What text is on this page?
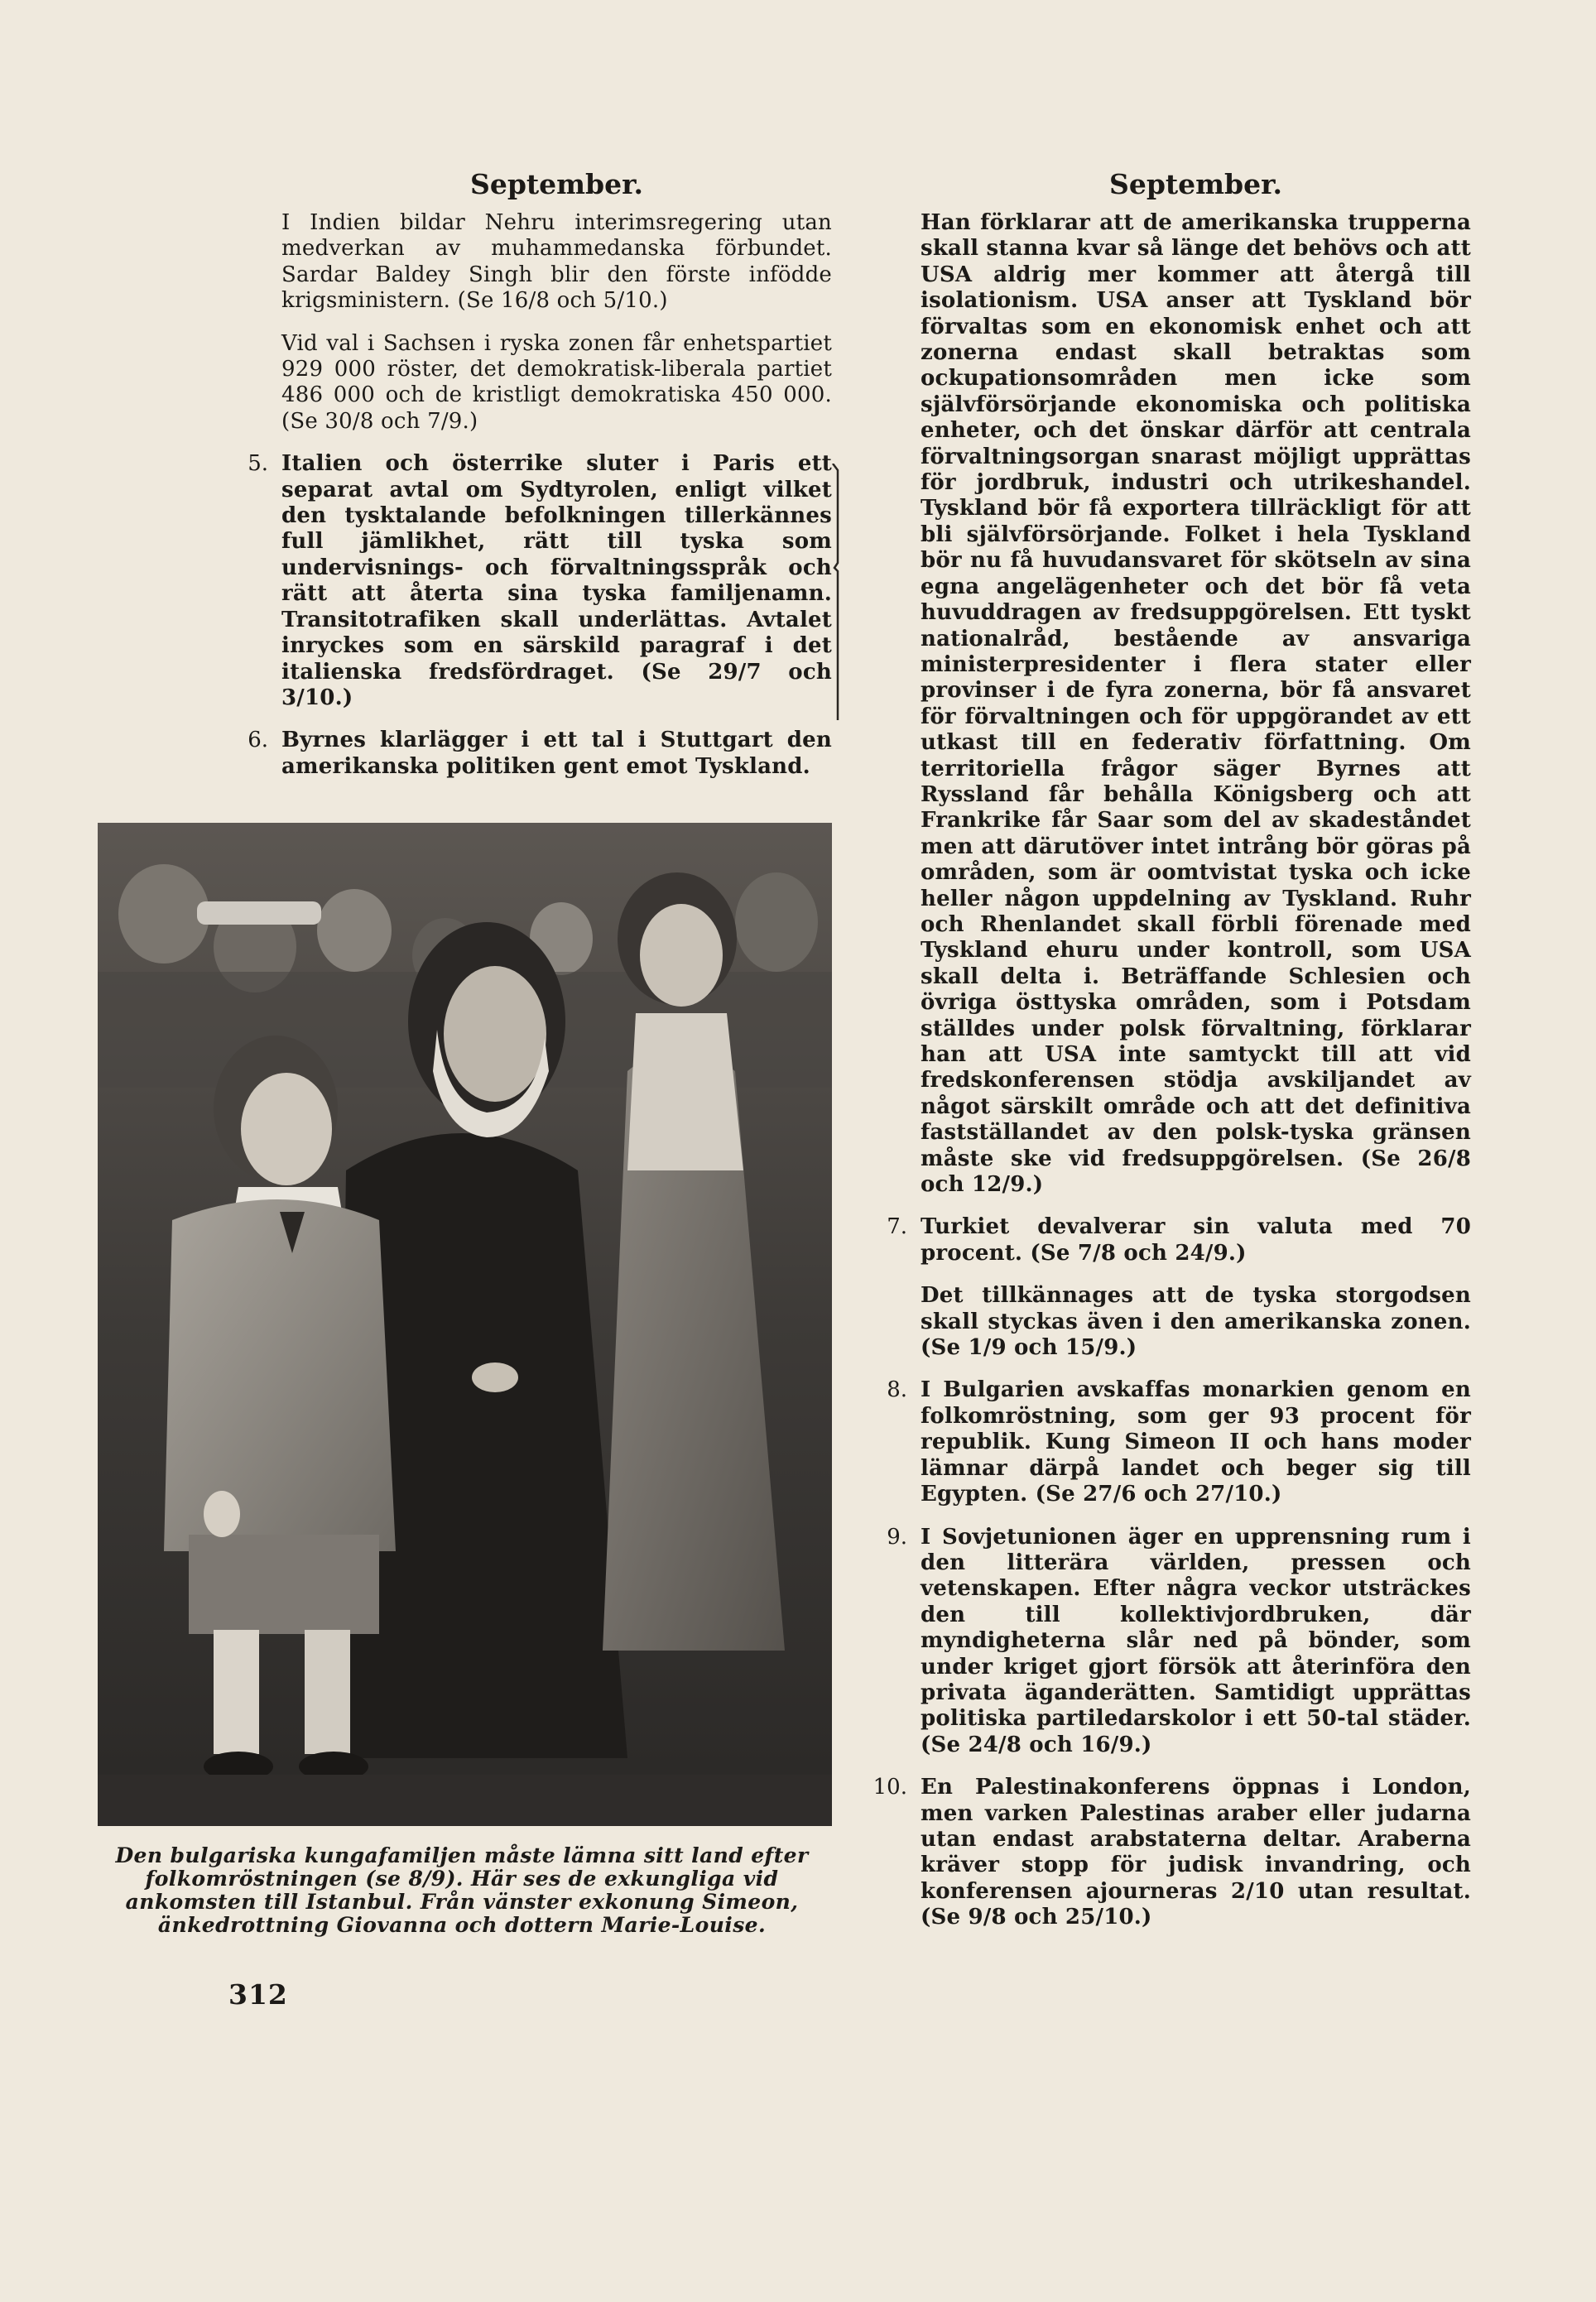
September.

I Indien bildar Nehru interimsregering utan medverkan av muhammedanska förbundet. Sardar Baldey Singh blir den förste infödde krigsministern. (Se 16/8 och 5/10.)

Vid val i Sachsen i ryska zonen får enhetspartiet 929 000 röster, det demokratisk-liberala partiet 486 000 och de kristligt demokratiska 450 000. (Se 30/8 och 7/9.)

5. Italien och österrike sluter i Paris ett separat avtal om Sydtyrolen, enligt vilket den tysktalande befolkningen tillerkännes full jämlikhet, rätt till tyska som undervisnings- och förvaltningsspråk och rätt att återta sina tyska familjenamn. Transitotrafiken skall underlättas. Avtalet inryckes som en särskild paragraf i det italienska fredsfördraget. (Se 29/7 och 3/10.)

6. Byrnes klarlägger i ett tal i Stuttgart den amerikanska politiken gent emot Tyskland.

Den bulgariska kungafamiljen måste lämna sitt land efter folkomröstningen (se 8/9). Här ses de exkungliga vid ankomsten till Istanbul. Från vänster exkonung Simeon, änkedrottning Giovanna och dottern Marie-Louise.
312
September.

Han förklarar att de amerikanska trupperna skall stanna kvar så länge det behövs och att USA aldrig mer kommer att återgå till isolationism. USA anser att Tyskland bör förvaltas som en ekonomisk enhet och att zonerna endast skall betraktas som ockupationsområden men icke som självförsörjande ekonomiska och politiska enheter, och det önskar därför att centrala förvaltningsorgan snarast möjligt upprättas för jordbruk, industri och utrikeshandel. Tyskland bör få exportera tillräckligt för att bli självförsörjande. Folket i hela Tyskland bör nu få huvudansvaret för skötseln av sina egna angelägenheter och det bör få veta huvuddragen av fredsuppgörelsen. Ett tyskt nationalråd, bestående av ansvariga ministerpresidenter i flera stater eller provinser i de fyra zonerna, bör få ansvaret för förvaltningen och för uppgörandet av ett utkast till en federativ författning. Om territoriella frågor säger Byrnes att Ryssland får behålla Königsberg och att Frankrike får Saar som del av skadeståndet men att därutöver intet intrång bör göras på områden, som är oomtvistat tyska och icke heller någon uppdelning av Tyskland. Ruhr och Rhenlandet skall förbli förenade med Tyskland ehuru under kontroll, som USA skall delta i. Beträffande Schlesien och övriga östtyska områden, som i Potsdam ställdes under polsk förvaltning, förklarar han att USA inte samtyckt till att vid fredskonferensen stödja avskiljandet av något särskilt område och att det definitiva fastställandet av den polsk-tyska gränsen måste ske vid fredsuppgörelsen. (Se 26/8 och 12/9.)

7. Turkiet devalverar sin valuta med 70 procent. (Se 7/8 och 24/9.)

Det tillkännages att de tyska storgodsen skall styckas även i den amerikanska zonen. (Se 1/9 och 15/9.)

8. I Bulgarien avskaffas monarkien genom en folkomröstning, som ger 93 procent för republik. Kung Simeon II och hans moder lämnar därpå landet och beger sig till Egypten. (Se 27/6 och 27/10.)

9. I Sovjetunionen äger en upprensning rum i den litterära världen, pressen och vetenskapen. Efter några veckor utsträckes den till kollektivjordbruken, där myndigheterna slår ned på bönder, som under kriget gjort försök att återinföra den privata äganderätten. Samtidigt upprättas politiska partiledarskolor i ett 50-tal städer. (Se 24/8 och 16/9.)

10. En Palestinakonferens öppnas i London, men varken Palestinas araber eller judarna utan endast arabstaterna deltar. Araberna kräver stopp för judisk invandring, och konferensen ajourneras 2/10 utan resultat. (Se 9/8 och 25/10.)
